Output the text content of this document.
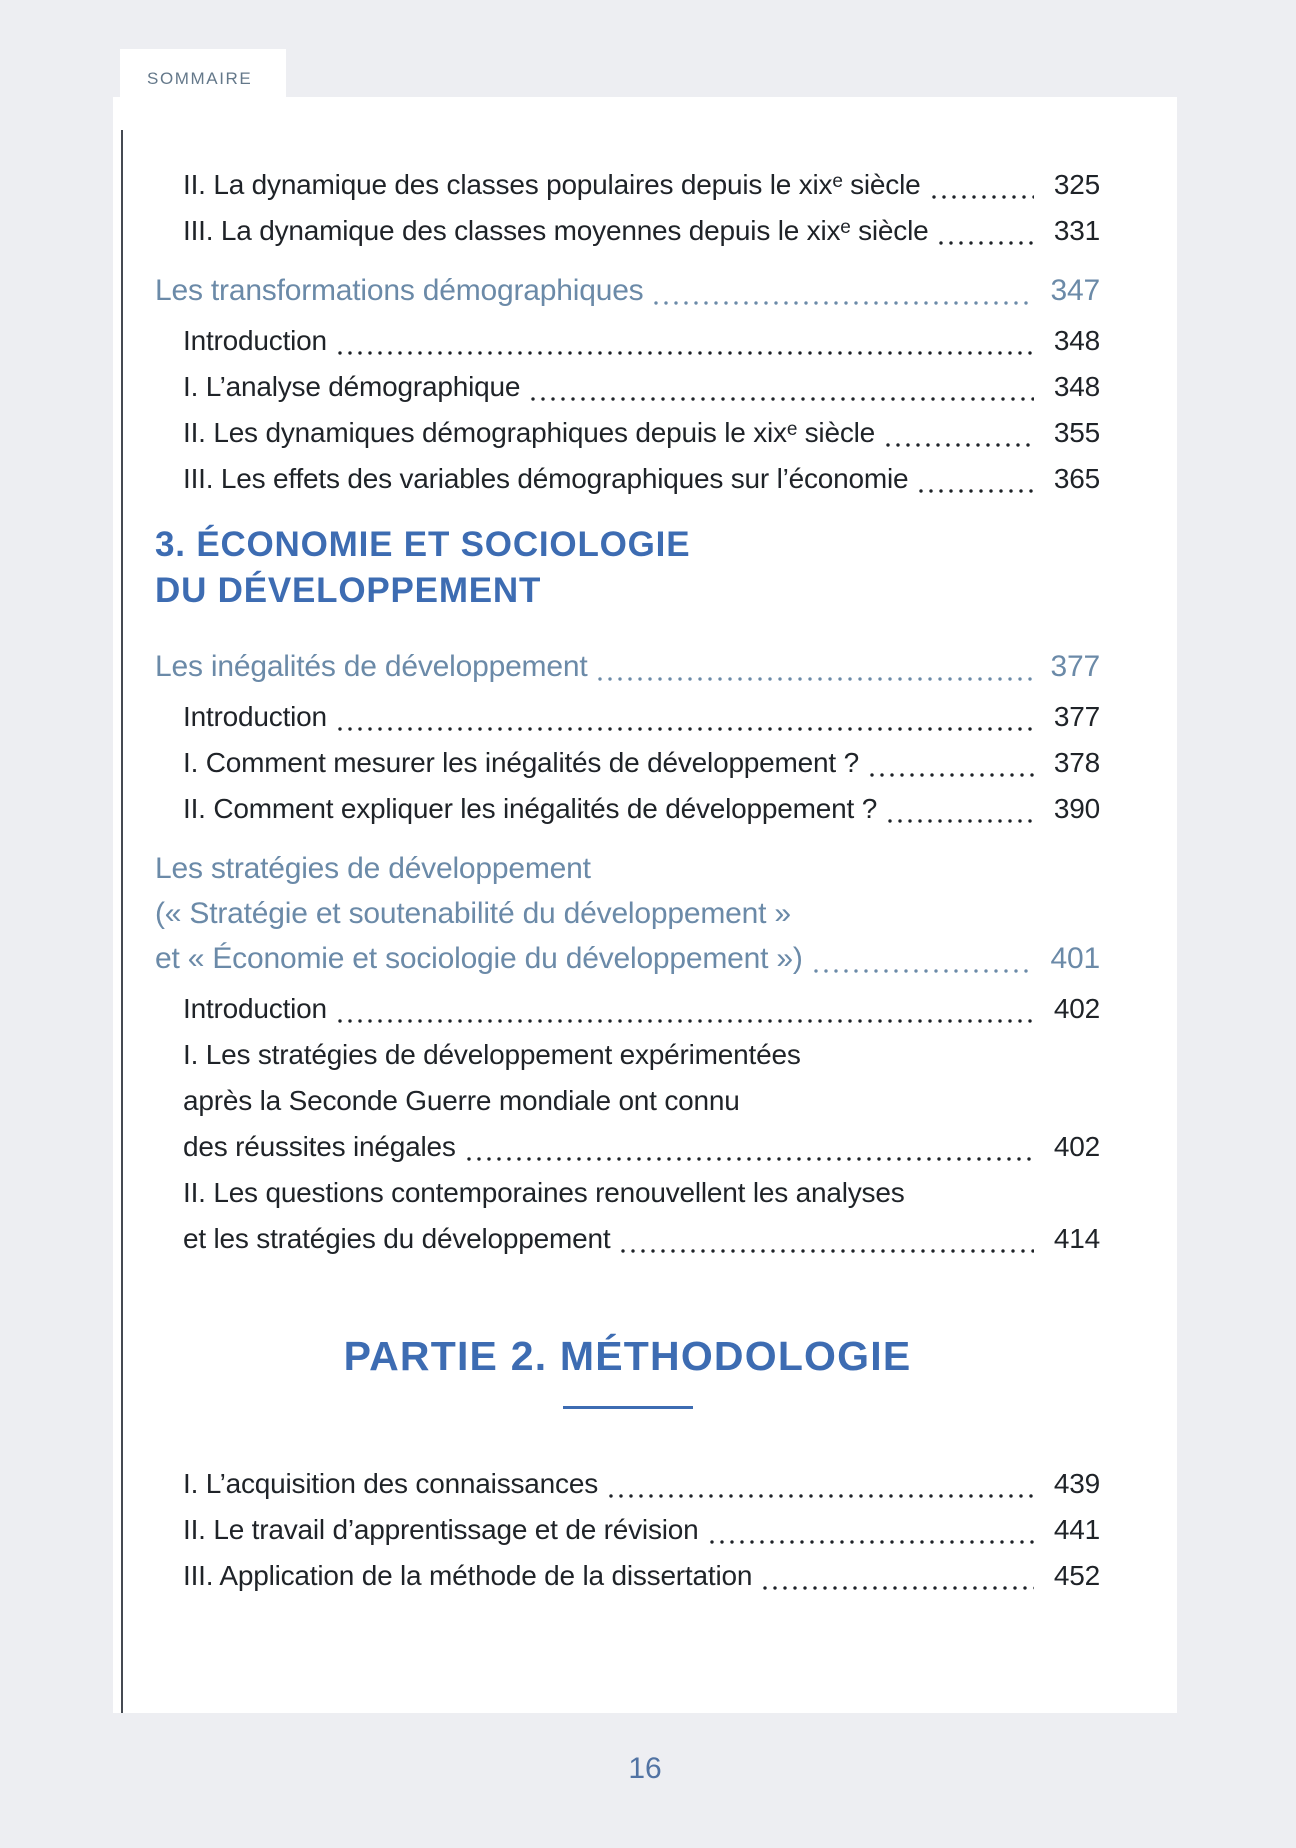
SOMMAIRE
II. La dynamique des classes populaires depuis le xixᵉ siècle	325
III. La dynamique des classes moyennes depuis le xixᵉ siècle	331
Les transformations démographiques	347
Introduction	348
I. L’analyse démographique	348
II. Les dynamiques démographiques depuis le xixᵉ siècle	355
III. Les effets des variables démographiques sur l’économie	365
3. ÉCONOMIE ET SOCIOLOGIE
DU DÉVELOPPEMENT
Les inégalités de développement	377
Introduction	377
I. Comment mesurer les inégalités de développement ?	378
II. Comment expliquer les inégalités de développement ?	390
Les stratégies de développement
(« Stratégie et soutenabilité du développement »
et « Économie et sociologie du développement »)	401
Introduction	402
I. Les stratégies de développement expérimentées
après la Seconde Guerre mondiale ont connu
des réussites inégales	402
II. Les questions contemporaines renouvellent les analyses
et les stratégies du développement	414
PARTIE 2. MÉTHODOLOGIE
I. L’acquisition des connaissances	439
II. Le travail d’apprentissage et de révision	441
III. Application de la méthode de la dissertation	452
16
